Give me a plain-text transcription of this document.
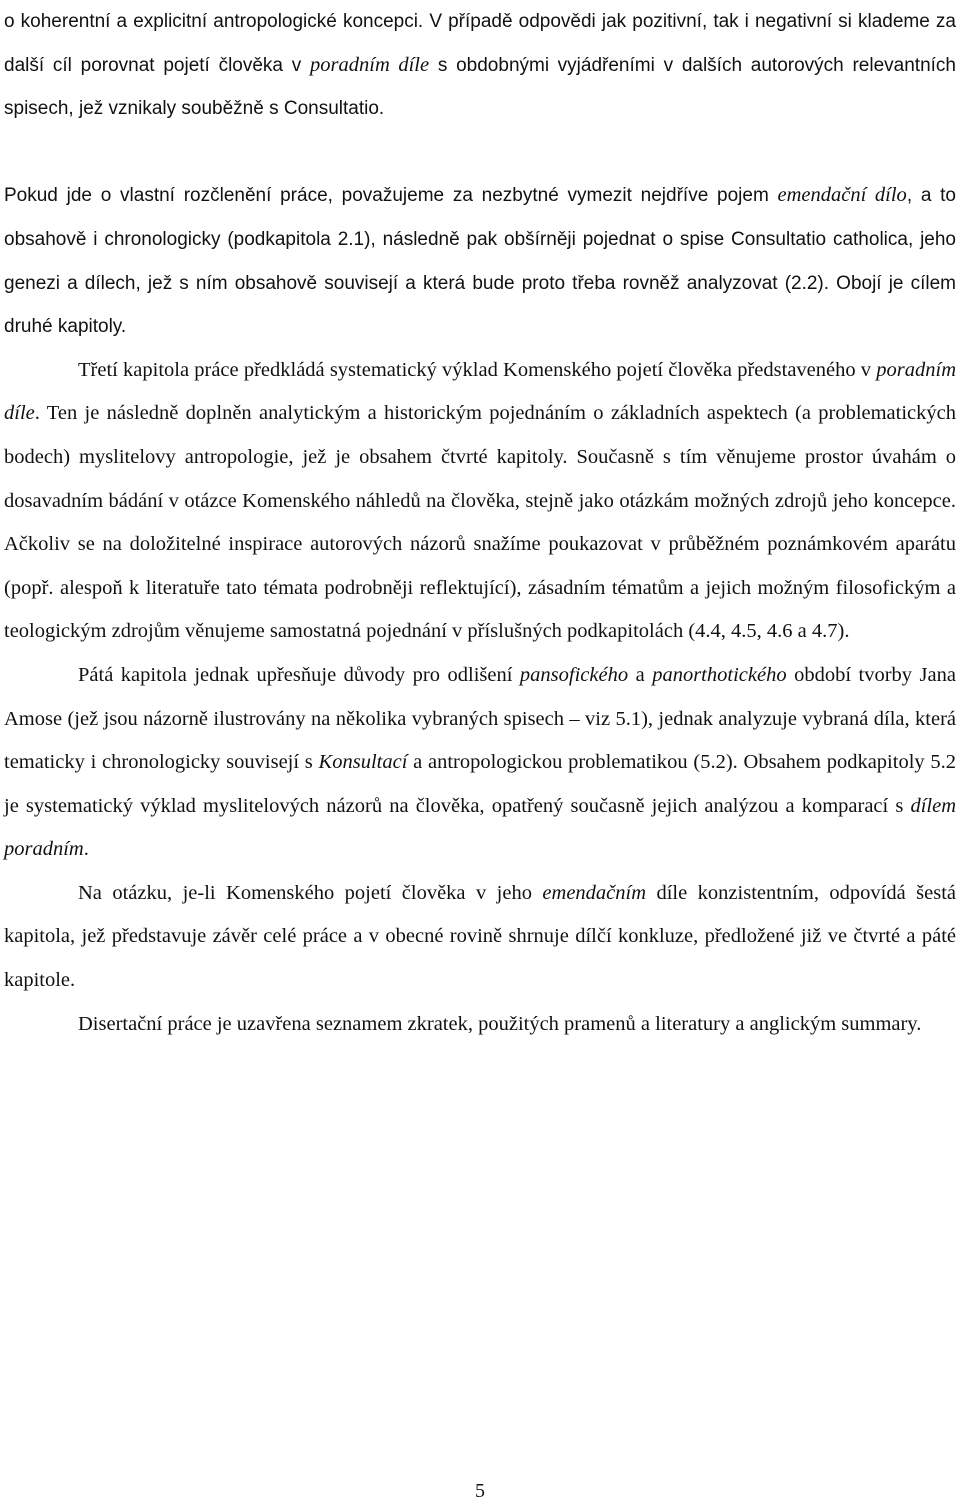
o koherentní a explicitní antropologické koncepci. V případě odpovědi jak pozitivní, tak i negativní si klademe za další cíl porovnat pojetí člověka v poradním díle s obdobnými vyjádřeními v dalších autorových relevantních spisech, jež vznikaly souběžně s Consultatio.

Pokud jde o vlastní rozčlenění práce, považujeme za nezbytné vymezit nejdříve pojem emendační dílo, a to obsahově i chronologicky (podkapitola 2.1), následně pak obšírněji pojednat o spise Consultatio catholica, jeho genezi a dílech, jež s ním obsahově souvisejí a která bude proto třeba rovněž analyzovat (2.2). Obojí je cílem druhé kapitoly.

Třetí kapitola práce předkládá systematický výklad Komenského pojetí člověka představeného v poradním díle. Ten je následně doplněn analytickým a historickým pojednáním o základních aspektech (a problematických bodech) myslitelovy antropologie, jež je obsahem čtvrté kapitoly. Současně s tím věnujeme prostor úvahám o dosavadním bádání v otázce Komenského náhledů na člověka, stejně jako otázkám možných zdrojů jeho koncepce. Ačkoliv se na doložitelné inspirace autorových názorů snažíme poukazovat v průběžném poznámkovém aparátu (popř. alespoň k literatuře tato témata podrobněji reflektující), zásadním tématům a jejich možným filosofickým a teologickým zdrojům věnujeme samostatná pojednání v příslušných podkapitolách (4.4, 4.5, 4.6 a 4.7).

Pátá kapitola jednak upřesňuje důvody pro odlišení pansofického a panorthotického období tvorby Jana Amose (jež jsou názorně ilustrovány na několika vybraných spisech – viz 5.1), jednak analyzuje vybraná díla, která tematicky i chronologicky souvisejí s Konsultací a antropologickou problematikou (5.2). Obsahem podkapitoly 5.2 je systematický výklad myslitelových názorů na člověka, opatřený současně jejich analýzou a komparací s dílem poradním.

Na otázku, je-li Komenského pojetí člověka v jeho emendačním díle konzistentním, odpovídá šestá kapitola, jež představuje závěr celé práce a v obecné rovině shrnuje dílčí konkluze, předložené již ve čtvrté a páté kapitole.

Disertační práce je uzavřena seznamem zkratek, použitých pramenů a literatury a anglickým summary.

5
